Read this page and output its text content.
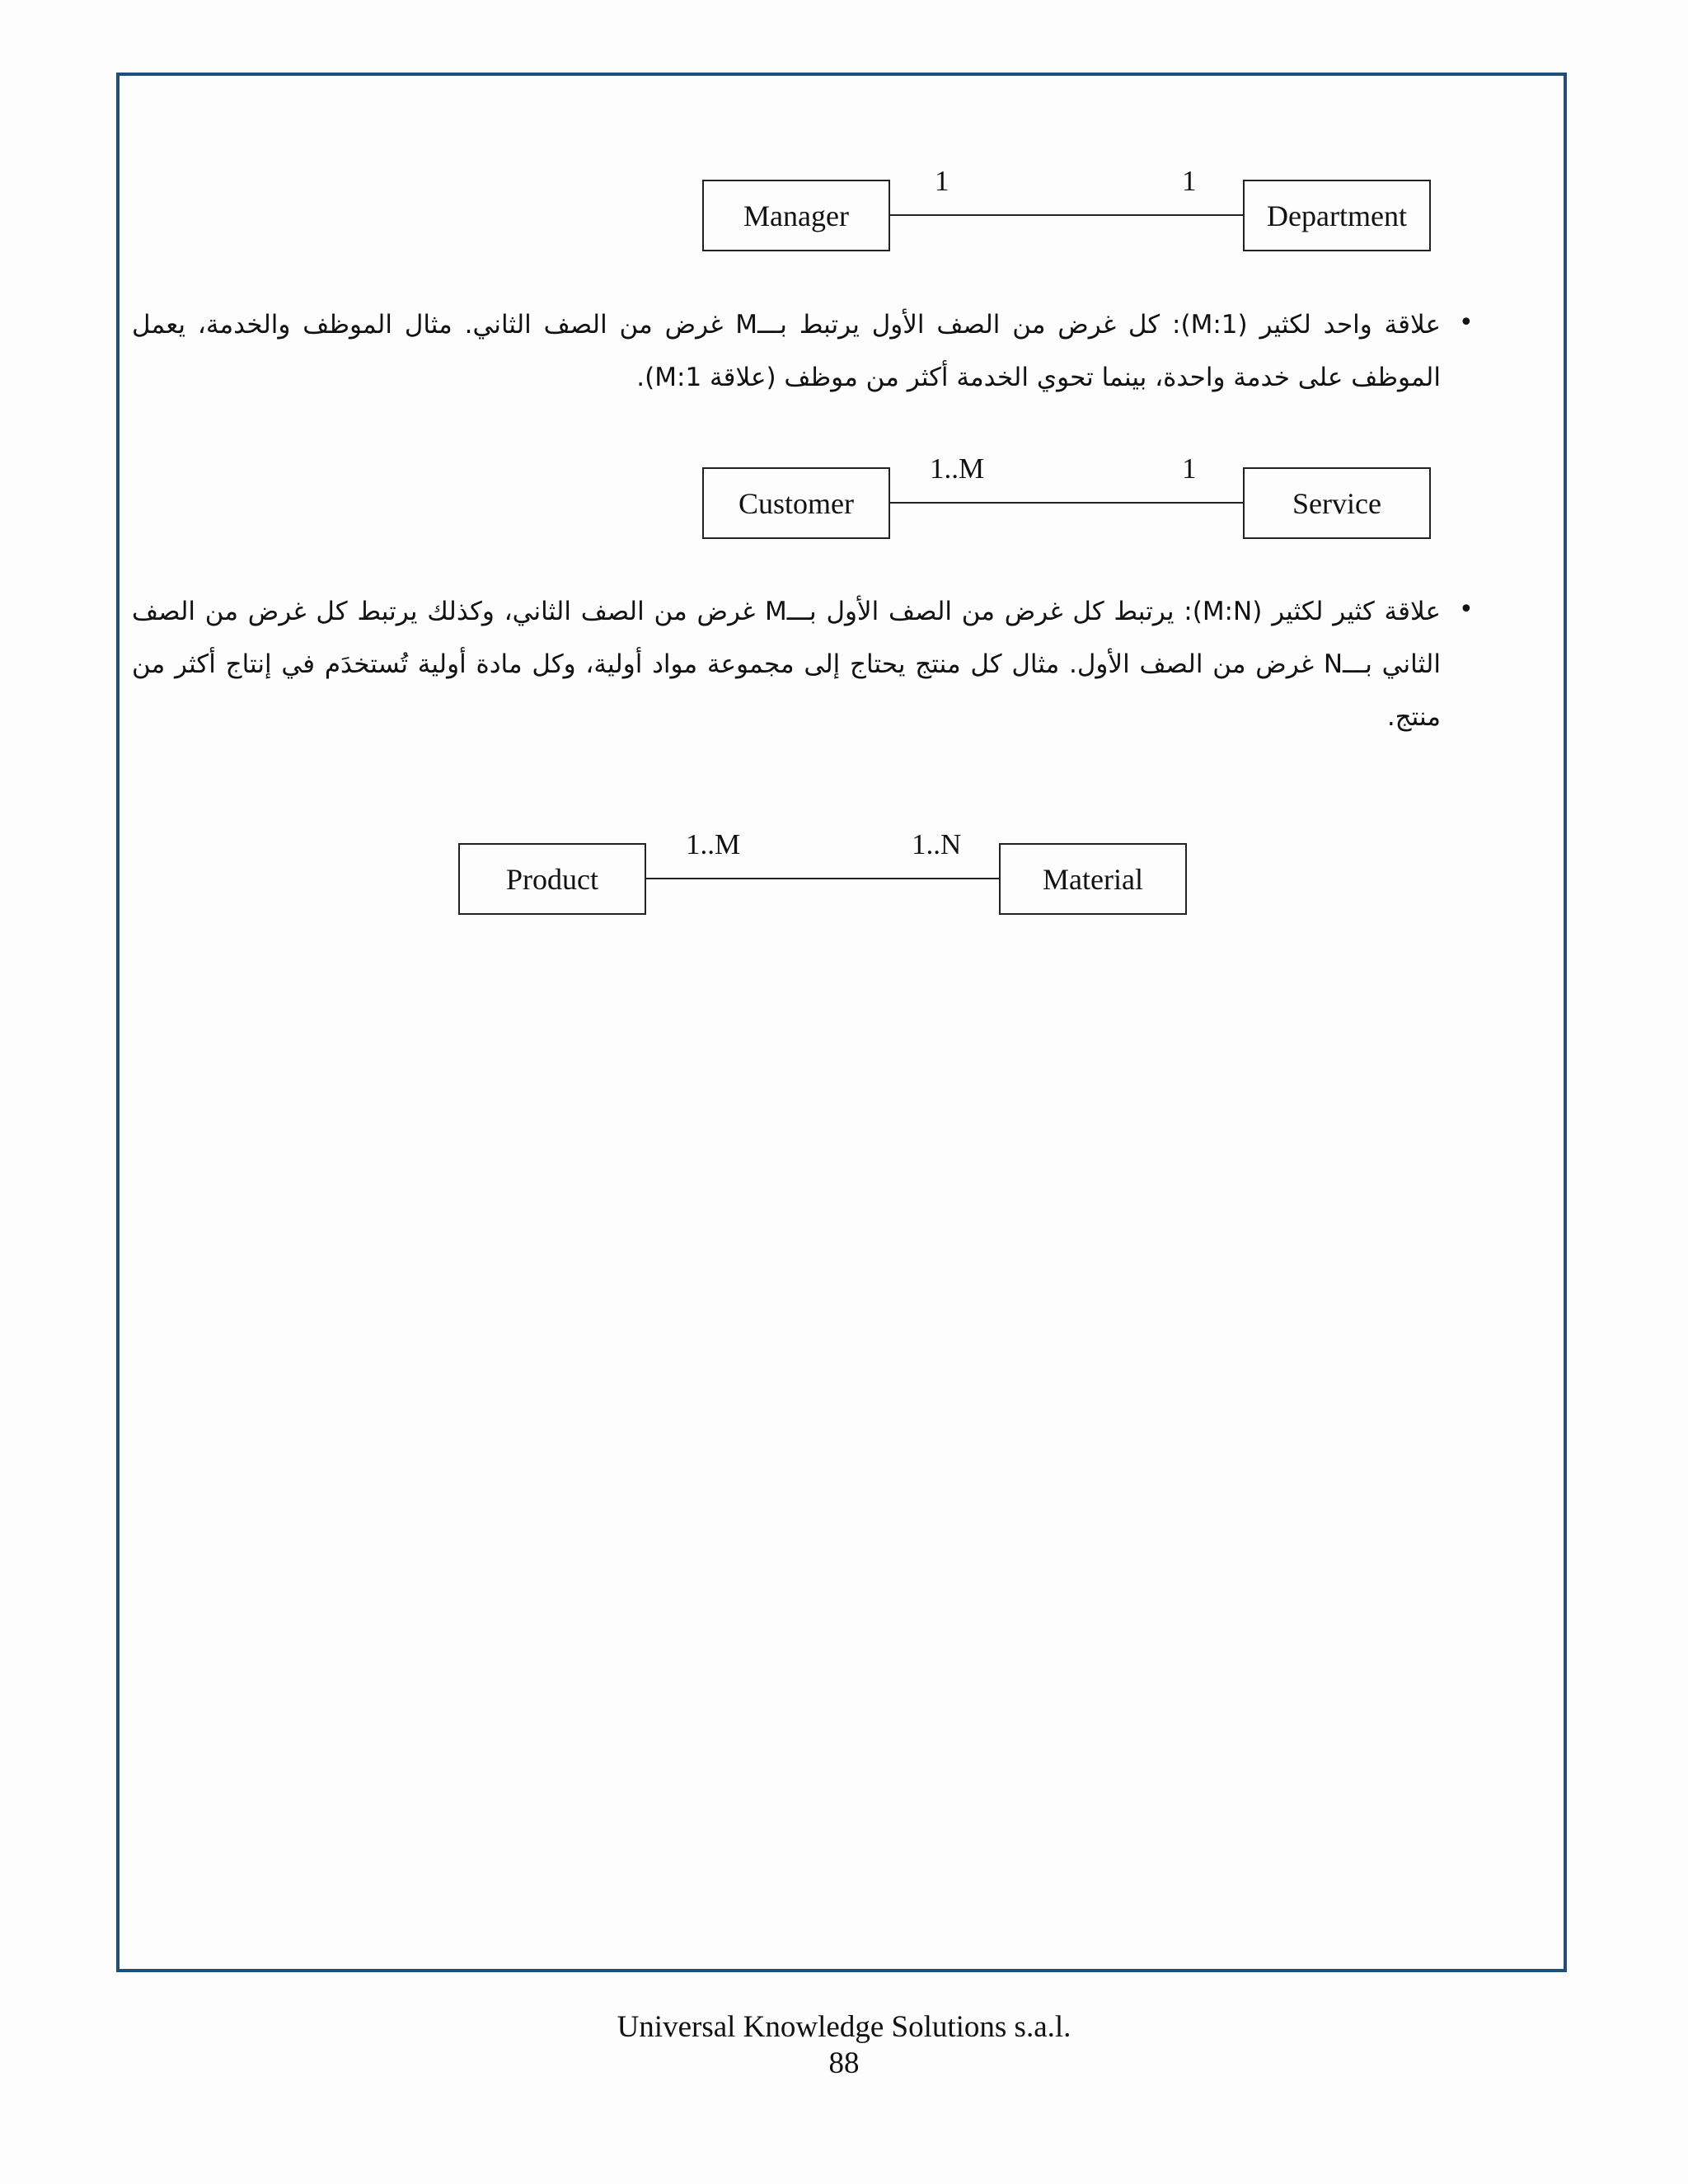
Manager
1	1
Department
•
علاقة واحد لكثير (1:M): كل غرض من الصف الأول يرتبط بـــM غرض من الصف الثاني. مثال الموظف والخدمة، يعمل الموظف على خدمة واحدة، بينما تحوي الخدمة أكثر من موظف (علاقة 1:M).
Customer
1..M	1
Service
•
علاقة كثير لكثير (M:N): يرتبط كل غرض من الصف الأول بـــM غرض من الصف الثاني، وكذلك يرتبط كل غرض من الصف الثاني بـــN غرض من الصف الأول. مثال كل منتج يحتاج إلى مجموعة مواد أولية، وكل مادة أولية تُستخدَم في إنتاج أكثر من منتج.
Product
1..M	1..N
Material
Universal Knowledge Solutions s.a.l.
88
